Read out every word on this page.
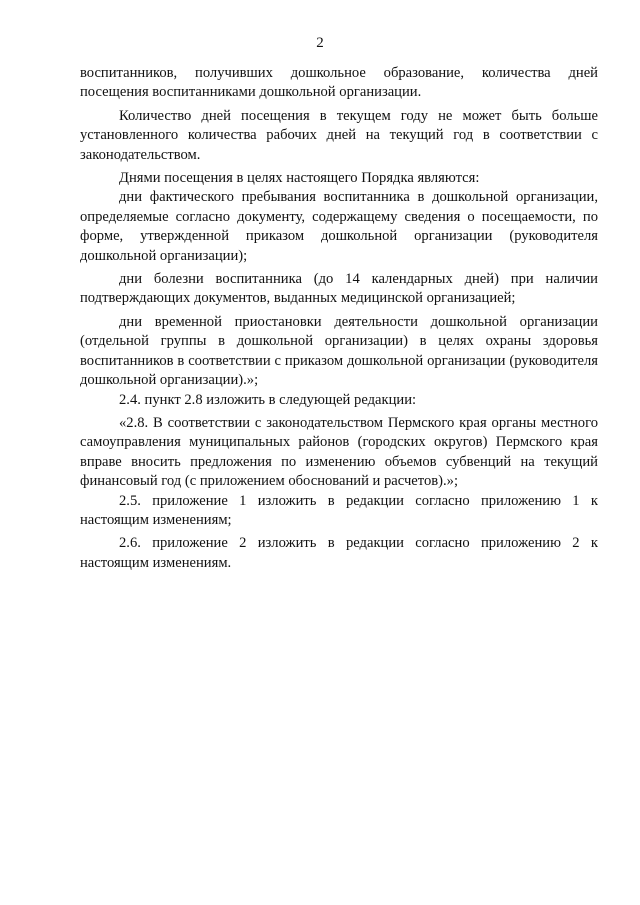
2

воспитанников, получивших дошкольное образование, количества дней посещения воспитанниками дошкольной организации.

Количество дней посещения в текущем году не может быть больше установленного количества рабочих дней на текущий год в соответствии с законодательством.

Днями посещения в целях настоящего Порядка являются:

дни фактического пребывания воспитанника в дошкольной организации, определяемые согласно документу, содержащему сведения о посещаемости, по форме, утвержденной приказом дошкольной организации (руководителя дошкольной организации);

дни болезни воспитанника (до 14 календарных дней) при наличии подтверждающих документов, выданных медицинской организацией;

дни временной приостановки деятельности дошкольной организации (отдельной группы в дошкольной организации) в целях охраны здоровья воспитанников в соответствии с приказом дошкольной организации (руководителя дошкольной организации).»;

2.4. пункт 2.8 изложить в следующей редакции:

«2.8. В соответствии с законодательством Пермского края органы местного самоуправления муниципальных районов (городских округов) Пермского края вправе вносить предложения по изменению объемов субвенций на текущий финансовый год (с приложением обоснований и расчетов).»;

2.5. приложение 1 изложить в редакции согласно приложению 1 к настоящим изменениям;

2.6. приложение 2 изложить в редакции согласно приложению 2 к настоящим изменениям.
